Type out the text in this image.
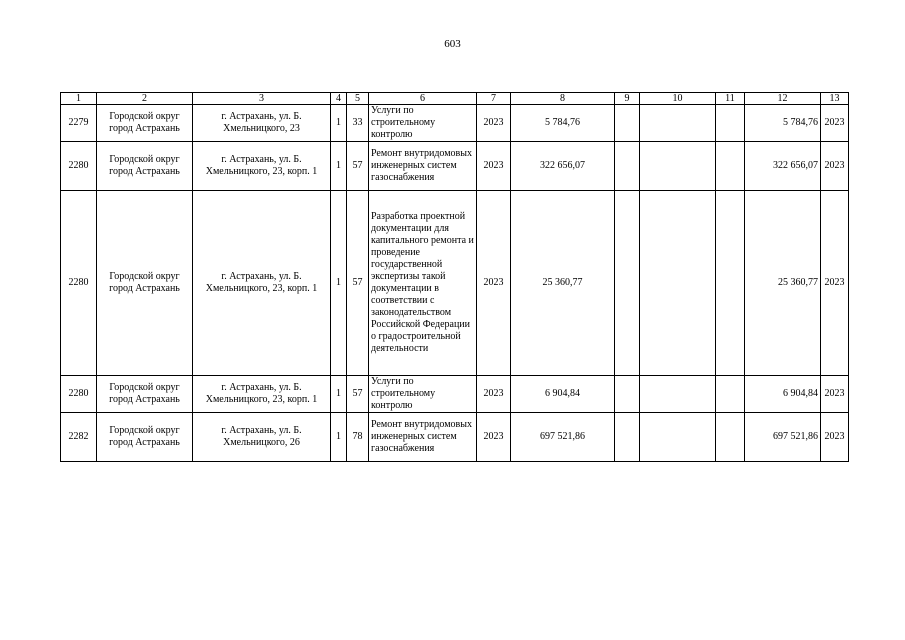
603
1	2	3	4	5	6	7	8	9	10	11	12	13
2279	Городской округ город Астрахань	г. Астрахань, ул. Б. Хмельницкого, 23	1	33	Услуги по строительному контролю	2023	5 784,76				5 784,76	2023
2280	Городской округ город Астрахань	г. Астрахань, ул. Б. Хмельницкого, 23, корп. 1	1	57	Ремонт внутридомовых инженерных систем газоснабжения	2023	322 656,07				322 656,07	2023
2280	Городской округ город Астрахань	г. Астрахань, ул. Б. Хмельницкого, 23, корп. 1	1	57	Разработка проектной документации для капитального ремонта и проведение государственной экспертизы такой документации в соответствии с законодательством Российской Федерации о градостроительной деятельности	2023	25 360,77				25 360,77	2023
2280	Городской округ город Астрахань	г. Астрахань, ул. Б. Хмельницкого, 23, корп. 1	1	57	Услуги по строительному контролю	2023	6 904,84				6 904,84	2023
2282	Городской округ город Астрахань	г. Астрахань, ул. Б. Хмельницкого, 26	1	78	Ремонт внутридомовых инженерных систем газоснабжения	2023	697 521,86				697 521,86	2023
